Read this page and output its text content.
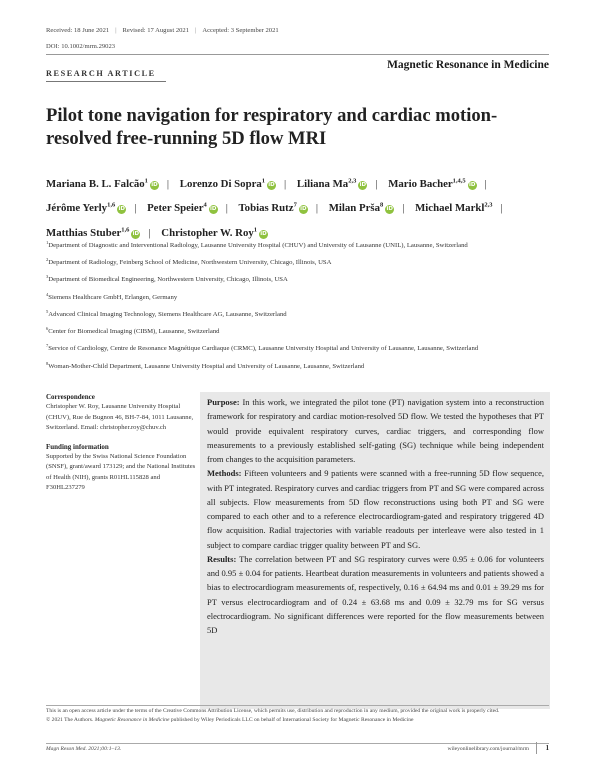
Received: 18 June 2021 | Revised: 17 August 2021 | Accepted: 3 September 2021
DOI: 10.1002/mrm.29023
RESEARCH ARTICLE
Magnetic Resonance in Medicine
Pilot tone navigation for respiratory and cardiac motion-resolved free-running 5D flow MRI
Mariana B. L. Falcão$^1$iD | Lorenzo Di Sopra$^1$iD | Liliana Ma$^{2,3}$iD | Mario Bacher$^{1,4,5}$iD | Jérôme Yerly$^{1,6}$iD | Peter Speier$^4$iD | Tobias Rutz$^7$iD | Milan Prša$^8$iD | Michael Markl$^{2,3}$ | Matthias Stuber$^{1,6}$iD | Christopher W. Roy$^1$iD
$^1$Department of Diagnostic and Interventional Radiology, Lausanne University Hospital (CHUV) and University of Lausanne (UNIL), Lausanne, Switzerland
$^2$Department of Radiology, Feinberg School of Medicine, Northwestern University, Chicago, Illinois, USA
$^3$Department of Biomedical Engineering, Northwestern University, Chicago, Illinois, USA
$^4$Siemens Healthcare GmbH, Erlangen, Germany
$^5$Advanced Clinical Imaging Technology, Siemens Healthcare AG, Lausanne, Switzerland
$^6$Center for Biomedical Imaging (CIBM), Lausanne, Switzerland
$^7$Service of Cardiology, Centre de Resonance Magnétique Cardiaque (CRMC), Lausanne University Hospital and University of Lausanne, Lausanne, Switzerland
$^8$Woman-Mother-Child Department, Lausanne University Hospital and University of Lausanne, Lausanne, Switzerland
Correspondence
Christopher W. Roy, Lausanne University Hospital (CHUV), Rue de Bugnon 46, BH-7-84, 1011 Lausanne, Switzerland. Email: christopher.roy@chuv.ch
Funding information
Supported by the Swiss National Science Foundation (SNSF), grant/award 173129; and the National Institutes of Health (NIH), grants R01HL115828 and F30HL237279

Purpose: In this work, we integrated the pilot tone (PT) navigation system into a reconstruction framework for respiratory and cardiac motion-resolved 5D flow. We tested the hypotheses that PT would provide equivalent respiratory curves, cardiac triggers, and corresponding flow measurements to a previously established self-gating (SG) technique while being independent from changes to the acquisition parameters.

Methods: Fifteen volunteers and 9 patients were scanned with a free-running 5D flow sequence, with PT integrated. Respiratory curves and cardiac triggers from PT and SG were compared across all subjects. Flow measurements from 5D flow reconstructions using both PT and SG were compared to each other and to a reference electrocardiogram-gated and respiratory triggered 4D flow acquisition. Radial trajectories with variable readouts per interleave were also tested in 1 subject to compare cardiac trigger quality between PT and SG.

Results: The correlation between PT and SG respiratory curves were 0.95 ± 0.06 for volunteers and 0.95 ± 0.04 for patients. Heartbeat duration measurements in volunteers and patients showed a bias to electrocardiogram measurements of, respectively, 0.16 ± 64.94 ms and 0.01 ± 39.29 ms for PT versus electrocardiogram and of 0.24 ± 63.68 ms and 0.09 ± 32.79 ms for SG versus electrocardiogram. No significant differences were reported for the flow measurements between 5D

This is an open access article under the terms of the Creative Commons Attribution License, which permits use, distribution and reproduction in any medium, provided the original work is properly cited.
© 2021 The Authors. Magnetic Resonance in Medicine published by Wiley Periodicals LLC on behalf of International Society for Magnetic Resonance in Medicine
Magn Reson Med. 2021;00:1–13.	wileyonlinelibrary.com/journal/mrm 1
